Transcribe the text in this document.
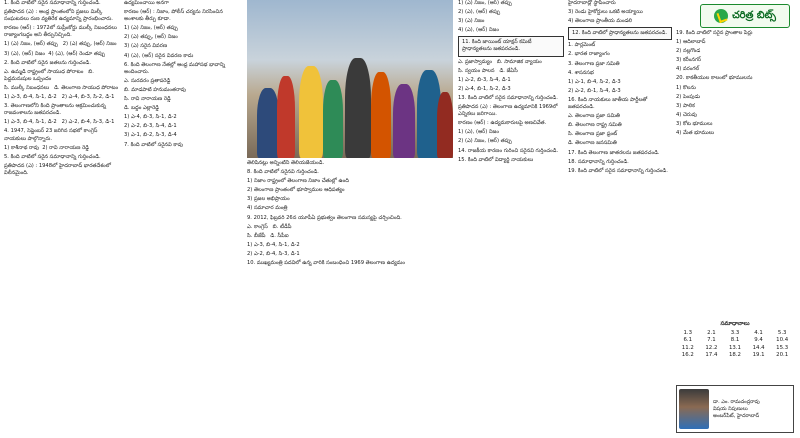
1. కింది వాటిలో సరైన సమాధానాన్ని గుర్తించండి.
ప్రతిపాదన (ఎ) : ఆంధ్ర ప్రాంతంలోని ప్రజలు మిల్కీ సంఘటనలు రుణ వ్యతిరేక ఉద్యమాన్ని ప్రారంభించారు.
కారణం (ఆర్) : 1972లో సుప్రీంకోర్టు ముల్కీ నిబంధనలు రాజ్యాంగబద్ధం అని తీర్పునిచ్చింది.
1) (ఎ) నిజం, (ఆర్) తప్పు   2) (ఎ) తప్పు, (ఆర్) నిజం
3) (ఎ), (ఆర్) నిజం  4) (ఎ), (ఆర్) రెండూ తప్పు
2. కింది వాటిలో సరైన జతలను గుర్తించండి.
ఎ. ఉమ్మడి రాష్ట్రంలో సాయుధ పోరాటం   బి. పెద్దమనుషుల ఒప్పందం
సి. ముల్కీ నిబంధనలు   డి. తెలంగాణ సాయుధ పోరాటం
1) ఎ-3, బి-4, సి-1, డి-2   2) ఎ-4, బి-3, సి-2, డి-1
3. తెలంగాణలోని కింది ప్రాంతాలను ఆక్రమించుకున్న రాజవంశాలను జతపరచండి.
1) ఎ-3, బి-4, సి-1, డి-2   2) ఎ-2, బి-4, సి-3, డి-1
4. 1947, సెప్టెంబర్ 23 జరిగిన సభలో కాంగ్రెస్ నాయకులు పాల్గొన్నారు.
1) కాశీనాథ రావు  2) రావి నారాయణ రెడ్డి
5. కింది వాటిలో సరైన సమాధానాన్ని గుర్తించండి.
ప్రతిపాదన (ఎ) : 1948లో హైదరాబాద్ భారతదేశంలో విలీనమైంది.
ఉద్యమించాయి అనగా
కారణం (ఆర్) : నిజాం, పోలీస్ చర్యను నిరసించిన అంశాలకు తీర్పు కూడా.
1) (ఎ) నిజం, (ఆర్) తప్పు
2) (ఎ) తప్పు, (ఆర్) నిజం
3) (ఎ) సరైన వివరణ
4) (ఎ), (ఆర్) సరైన వివరణ కాదు
6. కింది తెలంగాణ నేతల్లో ఆంధ్ర మహాసభ భావాన్ని అందించారు.
ఎ. సురవరం ప్రతాపరెడ్డి
బి. మాడపాటి హనుమంతరావు
సి. రావి నారాయణ రెడ్డి
డి. బద్దం ఎల్లారెడ్డి
1) ఎ-4, బి-3, సి-1, డి-2
2) ఎ-2, బి-3, సి-4, డి-1
3) ఎ-1, బి-2, సి-3, డి-4
7. కింది వాటిలో సరైనవి కావు
తెలిపినట్లు అన్నింటినీ తెలియజేయండి.
8. కింది వాటిలో సరైనవి గుర్తించండి.
1) నిజాం రాష్ట్రంలో తెలంగాణ నిజాం చేతుల్లో ఉంది
2) తెలంగాణ ప్రాంతంలో భూస్వాముల ఆధిపత్యం
3) ప్రజల అభిప్రాయం
4) సమాచార మంత్రి
9. 2012, ఫిబ్రవరి 26న యూపీఏ ప్రభుత్వం తెలంగాణ సమస్యపై చర్చించింది.
ఎ. కాంగ్రెస్   బి. టీడీపీ
సి. బీజేపీ   డి. సీపీఐ
1) ఎ-3, బి-4, సి-1, డి-2
2) ఎ-2, బి-4, సి-3, డి-1
10. ముఖ్యమంత్రి పదవిలో ఉన్న వారికి సంబంధించి 1969 తెలంగాణ ఉద్యమం
1) (ఎ) నిజం, (ఆర్) తప్పు
2) (ఎ), (ఆర్) తప్పు
3) (ఎ) నిజం
4) (ఎ), (ఆర్) నిజం
11. కింది జాయింట్ యాక్షన్ కమిటీ ప్రాధాన్యతలను జతపరచండి.
ఎ. ప్రజాస్వామ్యం   బి. సామాజిక న్యాయం
సి. స్వయం పాలన   డి. జేఏసీ
1) ఎ-2, బి-3, సి-4, డి-1
2) ఎ-4, బి-1, సి-2, డి-3
13. కింది వాటిలో సరైన సమాధానాన్ని గుర్తించండి.
ప్రతిపాదన (ఎ) : తెలంగాణ ఉద్యమానికి 1969లో ఎన్నికలు జరిగాయి.
కారణం (ఆర్) : ఉద్యమకారులపై అణచివేత.
1) (ఎ), (ఆర్) నిజం
2) (ఎ) నిజం, (ఆర్) తప్పు
14. రాజకీయ కారణం గురించి సరైనవి గుర్తించండి.
15. కింది వాటిలో విద్యార్థి నాయకులు
హైదరాబాద్లో స్థాపించారు
3) రెండు హైకోర్టులు ఒకటి అయ్యాయి
4) తెలంగాణ ప్రాంతీయ మండలి
12. కింది వాటిలో ప్రాధాన్యతలను జతపరచండి.
1. పార్లమెంట్
2. భారత రాజ్యాంగం
3. తెలంగాణ ప్రజా సమితి
4. శాసనసభ
1) ఎ-1, బి-4, సి-2, డి-3
2) ఎ-2, బి-1, సి-4, డి-3
16. కింది నాయకులు జాతీయ పార్టీలతో జతపరచండి.
ఎ. తెలంగాణ ప్రజా సమితి
బి. తెలంగాణ రాష్ట్ర సమితి
సి. తెలంగాణ ప్రజా ఫ్రంట్
డి. తెలంగాణ జనసమితి
17. కింది తెలంగాణ జాతరలను జతపరచండి.
18. సమాధానాన్ని గుర్తించండి.
19. కింది వాటిలో సరైన సమాధానాన్ని గుర్తించండి.
చరిత్ర బిట్స్
19. కింది వాటిలో సరైన ప్రాంతాల పేర్లు
1) ఆదిలాబాద్
2) నల్లగొండ
3) కరీంనగర్
4) వరంగల్
20. కాకతీయుల కాలంలో భూములను
1) కొలను
2) పెంపుడు
3) పాలిక
4) చెరువు
3) కోట భూములు
4) మేత భూములు
సమాధానాలు				
1.3	2.1	3.3	4.1	5.3
6.1	7.1	8.1	9.4	10.4
11.2	12.2	13.1	14.4	15.3
16.2	17.4	18.2	19.1	20.1
డా. ఎం. రామచంద్రరావు
విషయ నిపుణులు
అంబర్‌పేట్, హైదరాబాద్
